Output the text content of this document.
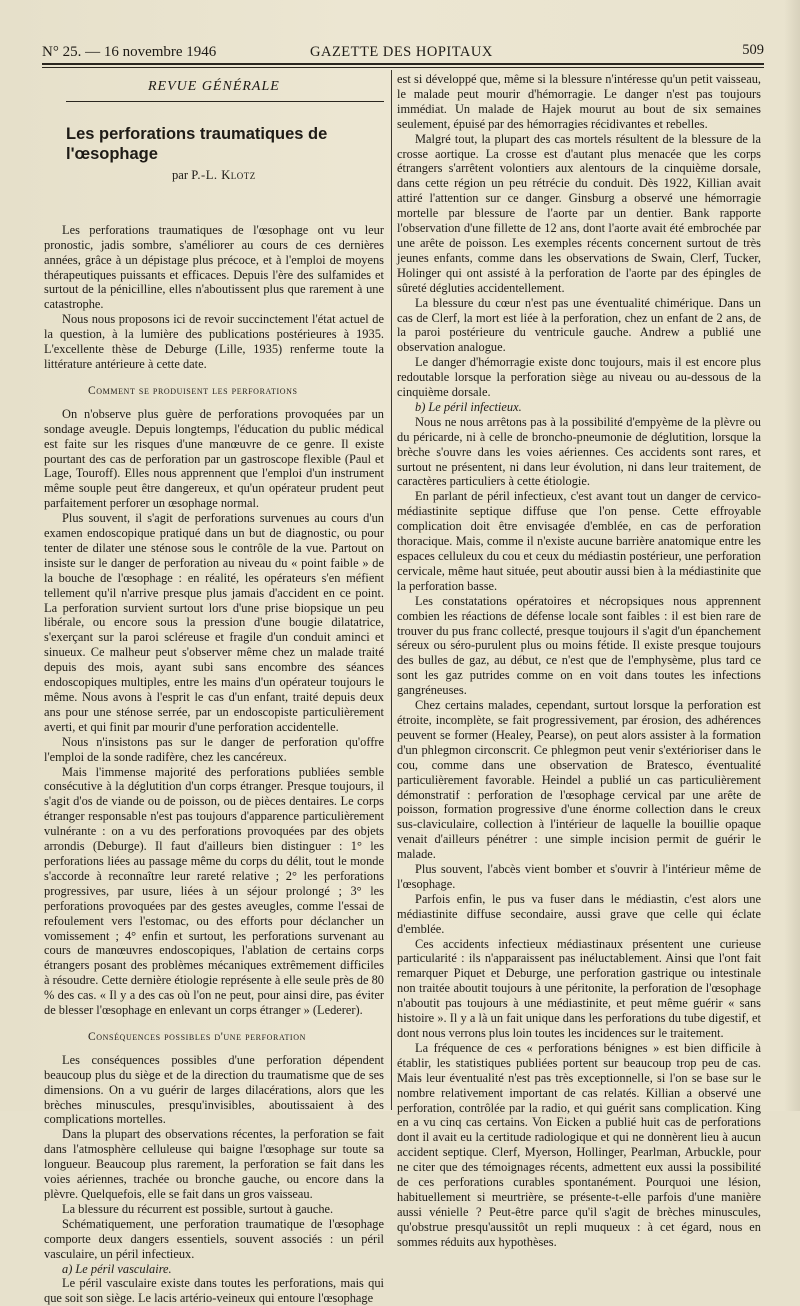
N° 25. — 16 novembre 1946	GAZETTE DES HOPITAUX	509
REVUE GÉNÉRALE
Les perforations traumatiques de l'œsophage
par P.-L. Klotz

Les perforations traumatiques de l'œsophage ont vu leur pronostic, jadis sombre, s'améliorer au cours de ces dernières années, grâce à un dépistage plus précoce, et à l'emploi de moyens thérapeutiques puissants et efficaces. Depuis l'ère des sulfamides et surtout de la pénicilline, elles n'aboutissent plus que rarement à une catastrophe.

Nous nous proposons ici de revoir succinctement l'état actuel de la question, à la lumière des publications postérieures à 1935. L'excellente thèse de Deburge (Lille, 1935) renferme toute la littérature antérieure à cette date.

Comment se produisent les perforations

On n'observe plus guère de perforations provoquées par un sondage aveugle. Depuis longtemps, l'éducation du public médical est faite sur les risques d'une manœuvre de ce genre. Il existe pourtant des cas de perforation par un gastroscope flexible (Paul et Lage, Touroff). Elles nous apprennent que l'emploi d'un instrument même souple peut être dangereux, et qu'un opérateur prudent peut parfaitement perforer un œsophage normal.

Plus souvent, il s'agit de perforations survenues au cours d'un examen endoscopique pratiqué dans un but de diagnostic, ou pour tenter de dilater une sténose sous le contrôle de la vue. Partout on insiste sur le danger de perforation au niveau du « point faible » de la bouche de l'œsophage : en réalité, les opérateurs s'en méfient tellement qu'il n'arrive presque plus jamais d'accident en ce point. La perforation survient surtout lors d'une prise biopsique un peu libérale, ou encore sous la pression d'une bougie dilatatrice, s'exerçant sur la paroi scléreuse et fragile d'un conduit aminci et sinueux. Ce malheur peut s'observer même chez un malade traité depuis des mois, ayant subi sans encombre des séances endoscopiques multiples, entre les mains d'un opérateur toujours le même. Nous avons à l'esprit le cas d'un enfant, traité depuis deux ans pour une sténose serrée, par un endoscopiste particulièrement averti, et qui finit par mourir d'une perforation accidentelle.

Nous n'insistons pas sur le danger de perforation qu'offre l'emploi de la sonde radifère, chez les cancéreux.

Mais l'immense majorité des perforations publiées semble consécutive à la déglutition d'un corps étranger. Presque toujours, il s'agit d'os de viande ou de poisson, ou de pièces dentaires. Le corps étranger responsable n'est pas toujours d'apparence particulièrement vulnérante : on a vu des perforations provoquées par des objets arrondis (Deburge). Il faut d'ailleurs bien distinguer : 1° les perforations liées au passage même du corps du délit, tout le monde s'accorde à reconnaître leur rareté relative ; 2° les perforations progressives, par usure, liées à un séjour prolongé ; 3° les perforations provoquées par des gestes aveugles, comme l'essai de refoulement vers l'estomac, ou des efforts pour déclancher un vomissement ; 4° enfin et surtout, les perforations survenant au cours de manœuvres endoscopiques, l'ablation de certains corps étrangers posant des problèmes mécaniques extrêmement difficiles à résoudre. Cette dernière étiologie représente à elle seule près de 80 % des cas. « Il y a des cas où l'on ne peut, pour ainsi dire, pas éviter de blesser l'œsophage en enlevant un corps étranger » (Lederer).

Conséquences possibles d'une perforation

Les conséquences possibles d'une perforation dépendent beaucoup plus du siège et de la direction du traumatisme que de ses dimensions. On a vu guérir de larges dilacérations, alors que les brèches minuscules, presqu'invisibles, aboutissaient à des complications mortelles.

Dans la plupart des observations récentes, la perforation se fait dans l'atmosphère celluleuse qui baigne l'œsophage sur toute sa longueur. Beaucoup plus rarement, la perforation se fait dans les voies aériennes, trachée ou bronche gauche, ou encore dans la plèvre. Quelquefois, elle se fait dans un gros vaisseau.

La blessure du récurrent est possible, surtout à gauche.

Schématiquement, une perforation traumatique de l'œsophage comporte deux dangers essentiels, souvent associés : un péril vasculaire, un péril infectieux.

a) Le péril vasculaire.

Le péril vasculaire existe dans toutes les perforations, mais qui que soit son siège. Le lacis artério-veineux qui entoure l'œsophage

est si développé que, même si la blessure n'intéresse qu'un petit vaisseau, le malade peut mourir d'hémorragie. Le danger n'est pas toujours immédiat. Un malade de Hajek mourut au bout de six semaines seulement, épuisé par des hémorragies récidivantes et rebelles.

Malgré tout, la plupart des cas mortels résultent de la blessure de la crosse aortique. La crosse est d'autant plus menacée que les corps étrangers s'arrêtent volontiers aux alentours de la cinquième dorsale, dans cette région un peu rétrécie du conduit. Dès 1922, Killian avait attiré l'attention sur ce danger. Ginsburg a observé une hémorragie mortelle par blessure de l'aorte par un dentier. Bank rapporte l'observation d'une fillette de 12 ans, dont l'aorte avait été embrochée par une arête de poisson. Les exemples récents concernent surtout de très jeunes enfants, comme dans les observations de Swain, Clerf, Tucker, Holinger qui ont assisté à la perforation de l'aorte par des épingles de sûreté dégluties accidentellement.

La blessure du cœur n'est pas une éventualité chimérique. Dans un cas de Clerf, la mort est liée à la perforation, chez un enfant de 2 ans, de la paroi postérieure du ventricule gauche. Andrew a publié une observation analogue.

Le danger d'hémorragie existe donc toujours, mais il est encore plus redoutable lorsque la perforation siège au niveau ou au-dessous de la cinquième dorsale.

b) Le péril infectieux.

Nous ne nous arrêtons pas à la possibilité d'empyème de la plèvre ou du péricarde, ni à celle de broncho-pneumonie de déglutition, lorsque la brèche s'ouvre dans les voies aériennes. Ces accidents sont rares, et surtout ne présentent, ni dans leur évolution, ni dans leur traitement, de caractères particuliers à cette étiologie.

En parlant de péril infectieux, c'est avant tout un danger de cervico-médiastinite septique diffuse que l'on pense. Cette effroyable complication doit être envisagée d'emblée, en cas de perforation thoracique. Mais, comme il n'existe aucune barrière anatomique entre les espaces celluleux du cou et ceux du médiastin postérieur, une perforation cervicale, même haut située, peut aboutir aussi bien à la médiastinite que la perforation basse.

Les constatations opératoires et nécropsiques nous apprennent combien les réactions de défense locale sont faibles : il est bien rare de trouver du pus franc collecté, presque toujours il s'agit d'un épanchement séreux ou séro-purulent plus ou moins fétide. Il existe presque toujours des bulles de gaz, au début, ce n'est que de l'emphysème, plus tard ce sont les gaz putrides comme on en voit dans toutes les infections gangréneuses.

Chez certains malades, cependant, surtout lorsque la perforation est étroite, incomplète, se fait progressivement, par érosion, des adhérences peuvent se former (Healey, Pearse), on peut alors assister à la formation d'un phlegmon circonscrit. Ce phlegmon peut venir s'extérioriser dans le cou, comme dans une observation de Bratesco, éventualité particulièrement favorable. Heindel a publié un cas particulièrement démonstratif : perforation de l'œsophage cervical par une arête de poisson, formation progressive d'une énorme collection dans le creux sus-claviculaire, collection à l'intérieur de laquelle la bouillie opaque venait d'ailleurs pénétrer : une simple incision permit de guérir le malade.

Plus souvent, l'abcès vient bomber et s'ouvrir à l'intérieur même de l'œsophage.

Parfois enfin, le pus va fuser dans le médiastin, c'est alors une médiastinite diffuse secondaire, aussi grave que celle qui éclate d'emblée.

Ces accidents infectieux médiastinaux présentent une curieuse particularité : ils n'apparaissent pas inéluctablement. Ainsi que l'ont fait remarquer Piquet et Deburge, une perforation gastrique ou intestinale non traitée aboutit toujours à une péritonite, la perforation de l'œsophage n'aboutit pas toujours à une médiastinite, et peut même guérir « sans histoire ». Il y a là un fait unique dans les perforations du tube digestif, et dont nous verrons plus loin toutes les incidences sur le traitement.

La fréquence de ces « perforations bénignes » est bien difficile à établir, les statistiques publiées portent sur beaucoup trop peu de cas. Mais leur éventualité n'est pas très exceptionnelle, si l'on se base sur le nombre relativement important de cas relatés. Killian a observé une perforation, contrôlée par la radio, et qui guérit sans complication. King en a vu cinq cas certains. Von Eicken a publié huit cas de perforations dont il avait eu la certitude radiologique et qui ne donnèrent lieu à aucun accident septique. Clerf, Myerson, Hollinger, Pearlman, Arbuckle, pour ne citer que des témoignages récents, admettent eux aussi la possibilité de ces perforations curables spontanément. Pourquoi une lésion, habituellement si meurtrière, se présente-t-elle parfois d'une manière aussi vénielle ? Peut-être parce qu'il s'agit de brèches minuscules, qu'obstrue presqu'aussitôt un repli muqueux : à cet égard, nous en sommes réduits aux hypothèses.
